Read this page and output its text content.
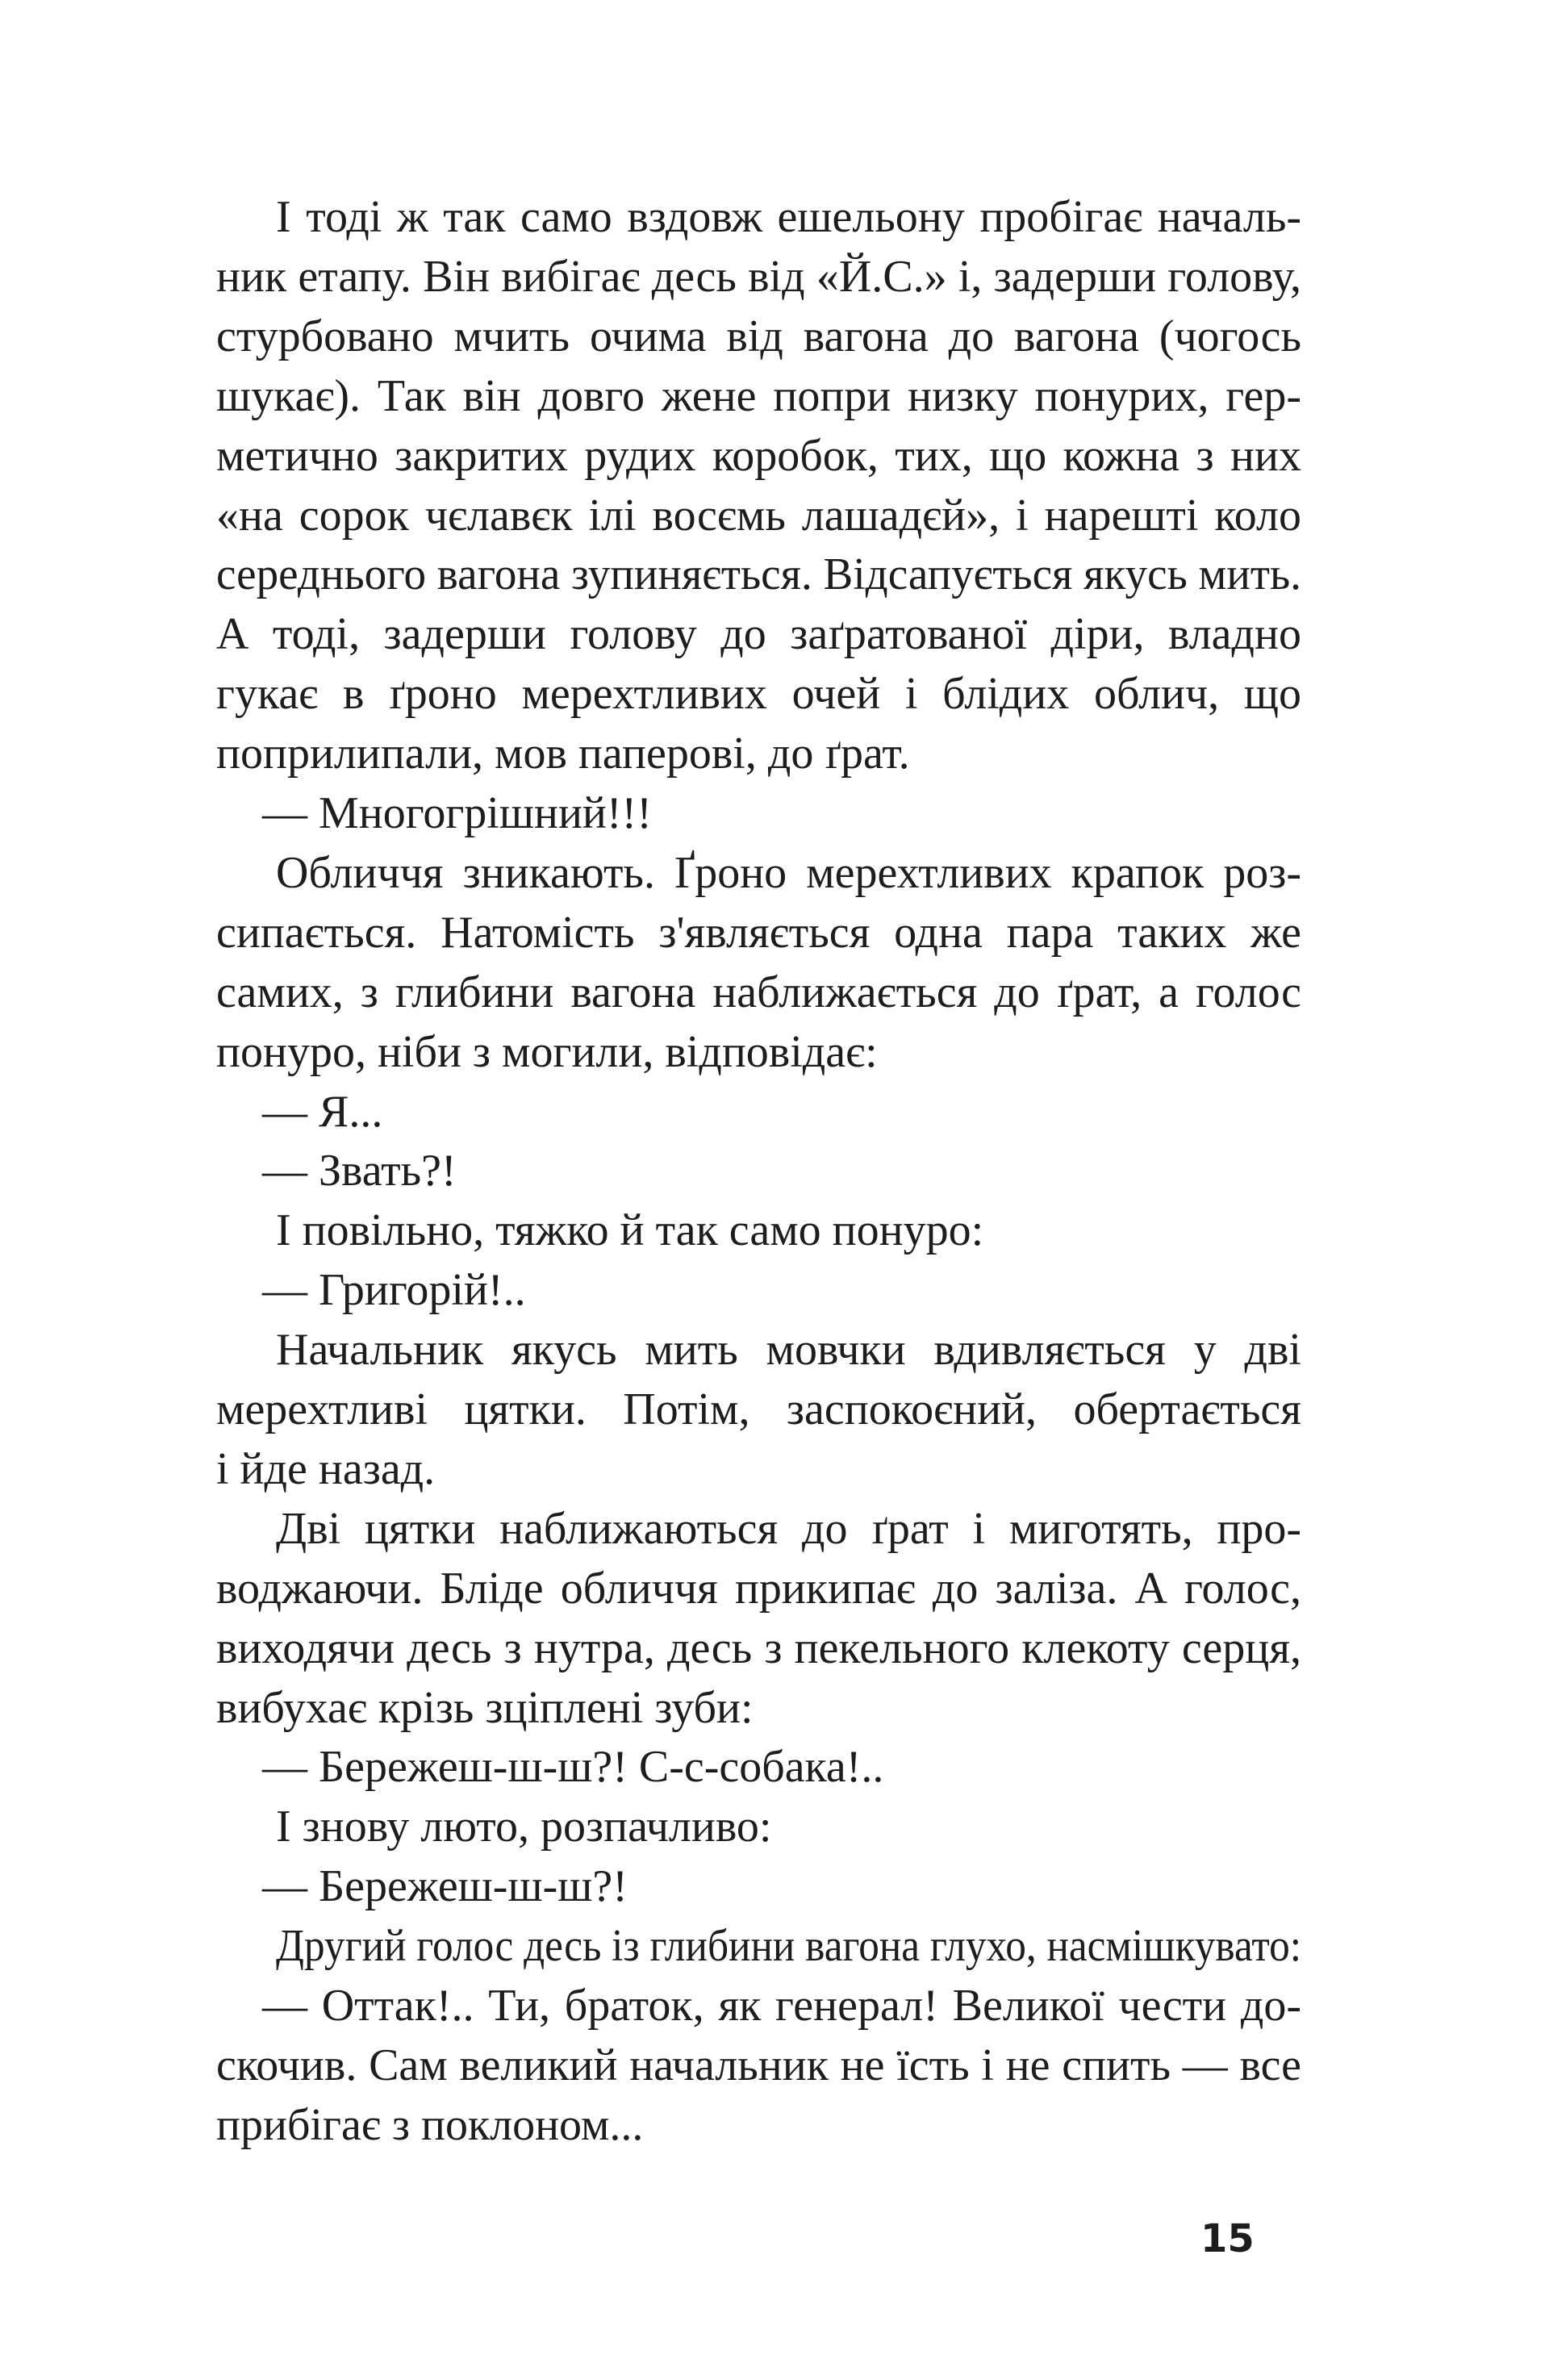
І тоді ж так само вздовж ешельону пробігає началь-
ник етапу. Він вибігає десь від «Й.С.» і, задерши голову,
стурбовано мчить очима від вагона до вагона (чогось
шукає). Так він довго жене попри низку понурих, гер-
метично закритих рудих коробок, тих, що кожна з них
«на сорок чєлавєк ілі восємь лашадєй», і нарешті коло
середнього вагона зупиняється. Відсапується якусь мить.
А тоді, задерши голову до заґратованої діри, владно
гукає в ґроно мерехтливих очей і блідих облич, що
поприлипали, мов паперові, до ґрат.
— Многогрішний!!!
Обличчя зникають. Ґроно мерехтливих крапок роз-
сипається. Натомість з'являється одна пара таких же
самих, з глибини вагона наближається до ґрат, а голос
понуро, ніби з могили, відповідає:
— Я...
— Звать?!
І повільно, тяжко й так само понуро:
— Григорій!..
Начальник якусь мить мовчки вдивляється у дві
мерехтливі цятки. Потім, заспокоєний, обертається
і йде назад.
Дві цятки наближаються до ґрат і миготять, про-
воджаючи. Бліде обличчя прикипає до заліза. А голос,
виходячи десь з нутра, десь з пекельного клекоту серця,
вибухає крізь зціплені зуби:
— Бережеш-ш-ш?! С-с-собака!..
І знову люто, розпачливо:
— Бережеш-ш-ш?!
Другий голос десь із глибини вагона глухо, насмішкувато:
— Оттак!.. Ти, браток, як генерал! Великої чести до-
скочив. Сам великий начальник не їсть і не спить — все
прибігає з поклоном...
15
